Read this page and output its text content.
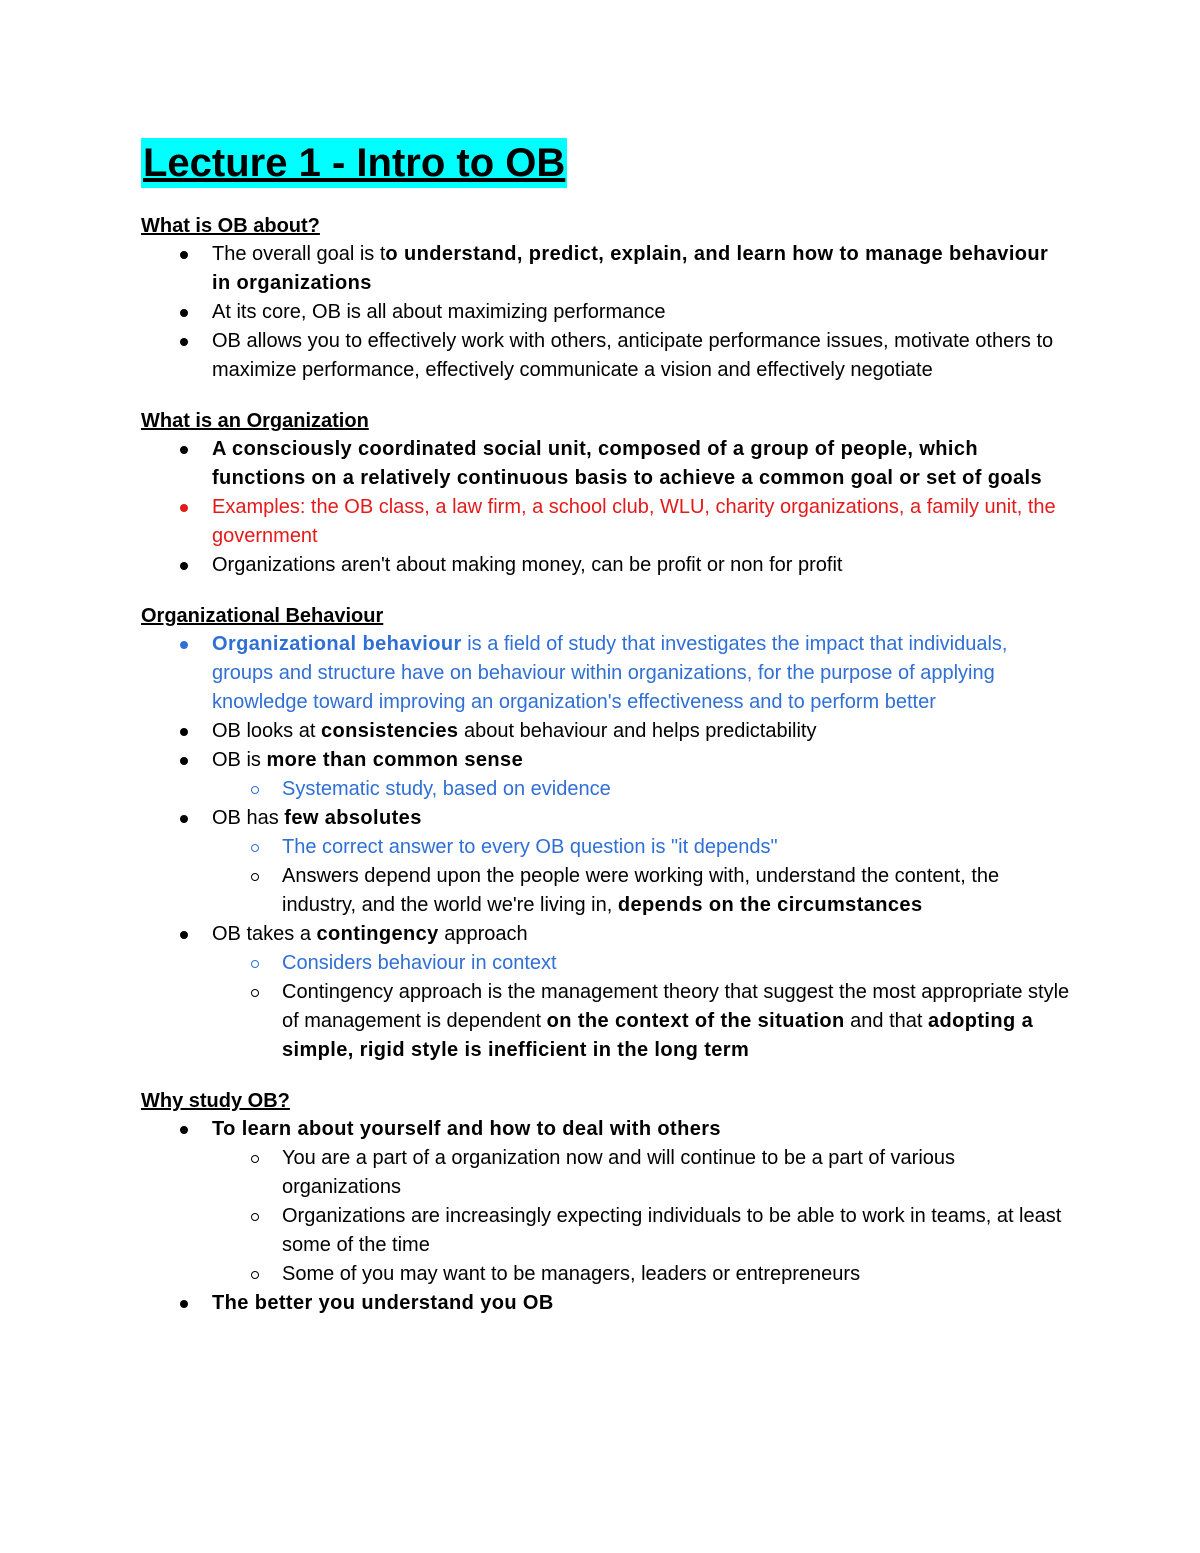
Lecture 1 - Intro to OB
What is OB about?
The overall goal is to understand, predict, explain, and learn how to manage behaviour in organizations
At its core, OB is all about maximizing performance
OB allows you to effectively work with others, anticipate performance issues, motivate others to maximize performance, effectively communicate a vision and effectively negotiate
What is an Organization
A consciously coordinated social unit, composed of a group of people, which functions on a relatively continuous basis to achieve a common goal or set of goals
Examples: the OB class, a law firm, a school club, WLU, charity organizations, a family unit, the government
Organizations aren't about making money, can be profit or non for profit
Organizational Behaviour
Organizational behaviour is a field of study that investigates the impact that individuals, groups and structure have on behaviour within organizations, for the purpose of applying knowledge toward improving an organization's effectiveness and to perform better
OB looks at consistencies about behaviour and helps predictability
OB is more than common sense
Systematic study, based on evidence
OB has few absolutes
The correct answer to every OB question is "it depends"
Answers depend upon the people were working with, understand the content, the industry, and the world we're living in, depends on the circumstances
OB takes a contingency approach
Considers behaviour in context
Contingency approach is the management theory that suggest the most appropriate style of management is dependent on the context of the situation and that adopting a simple, rigid style is inefficient in the long term
Why study OB?
To learn about yourself and how to deal with others
You are a part of a organization now and will continue to be a part of various organizations
Organizations are increasingly expecting individuals to be able to work in teams, at least some of the time
Some of you may want to be managers, leaders or entrepreneurs
The better you understand you OB
